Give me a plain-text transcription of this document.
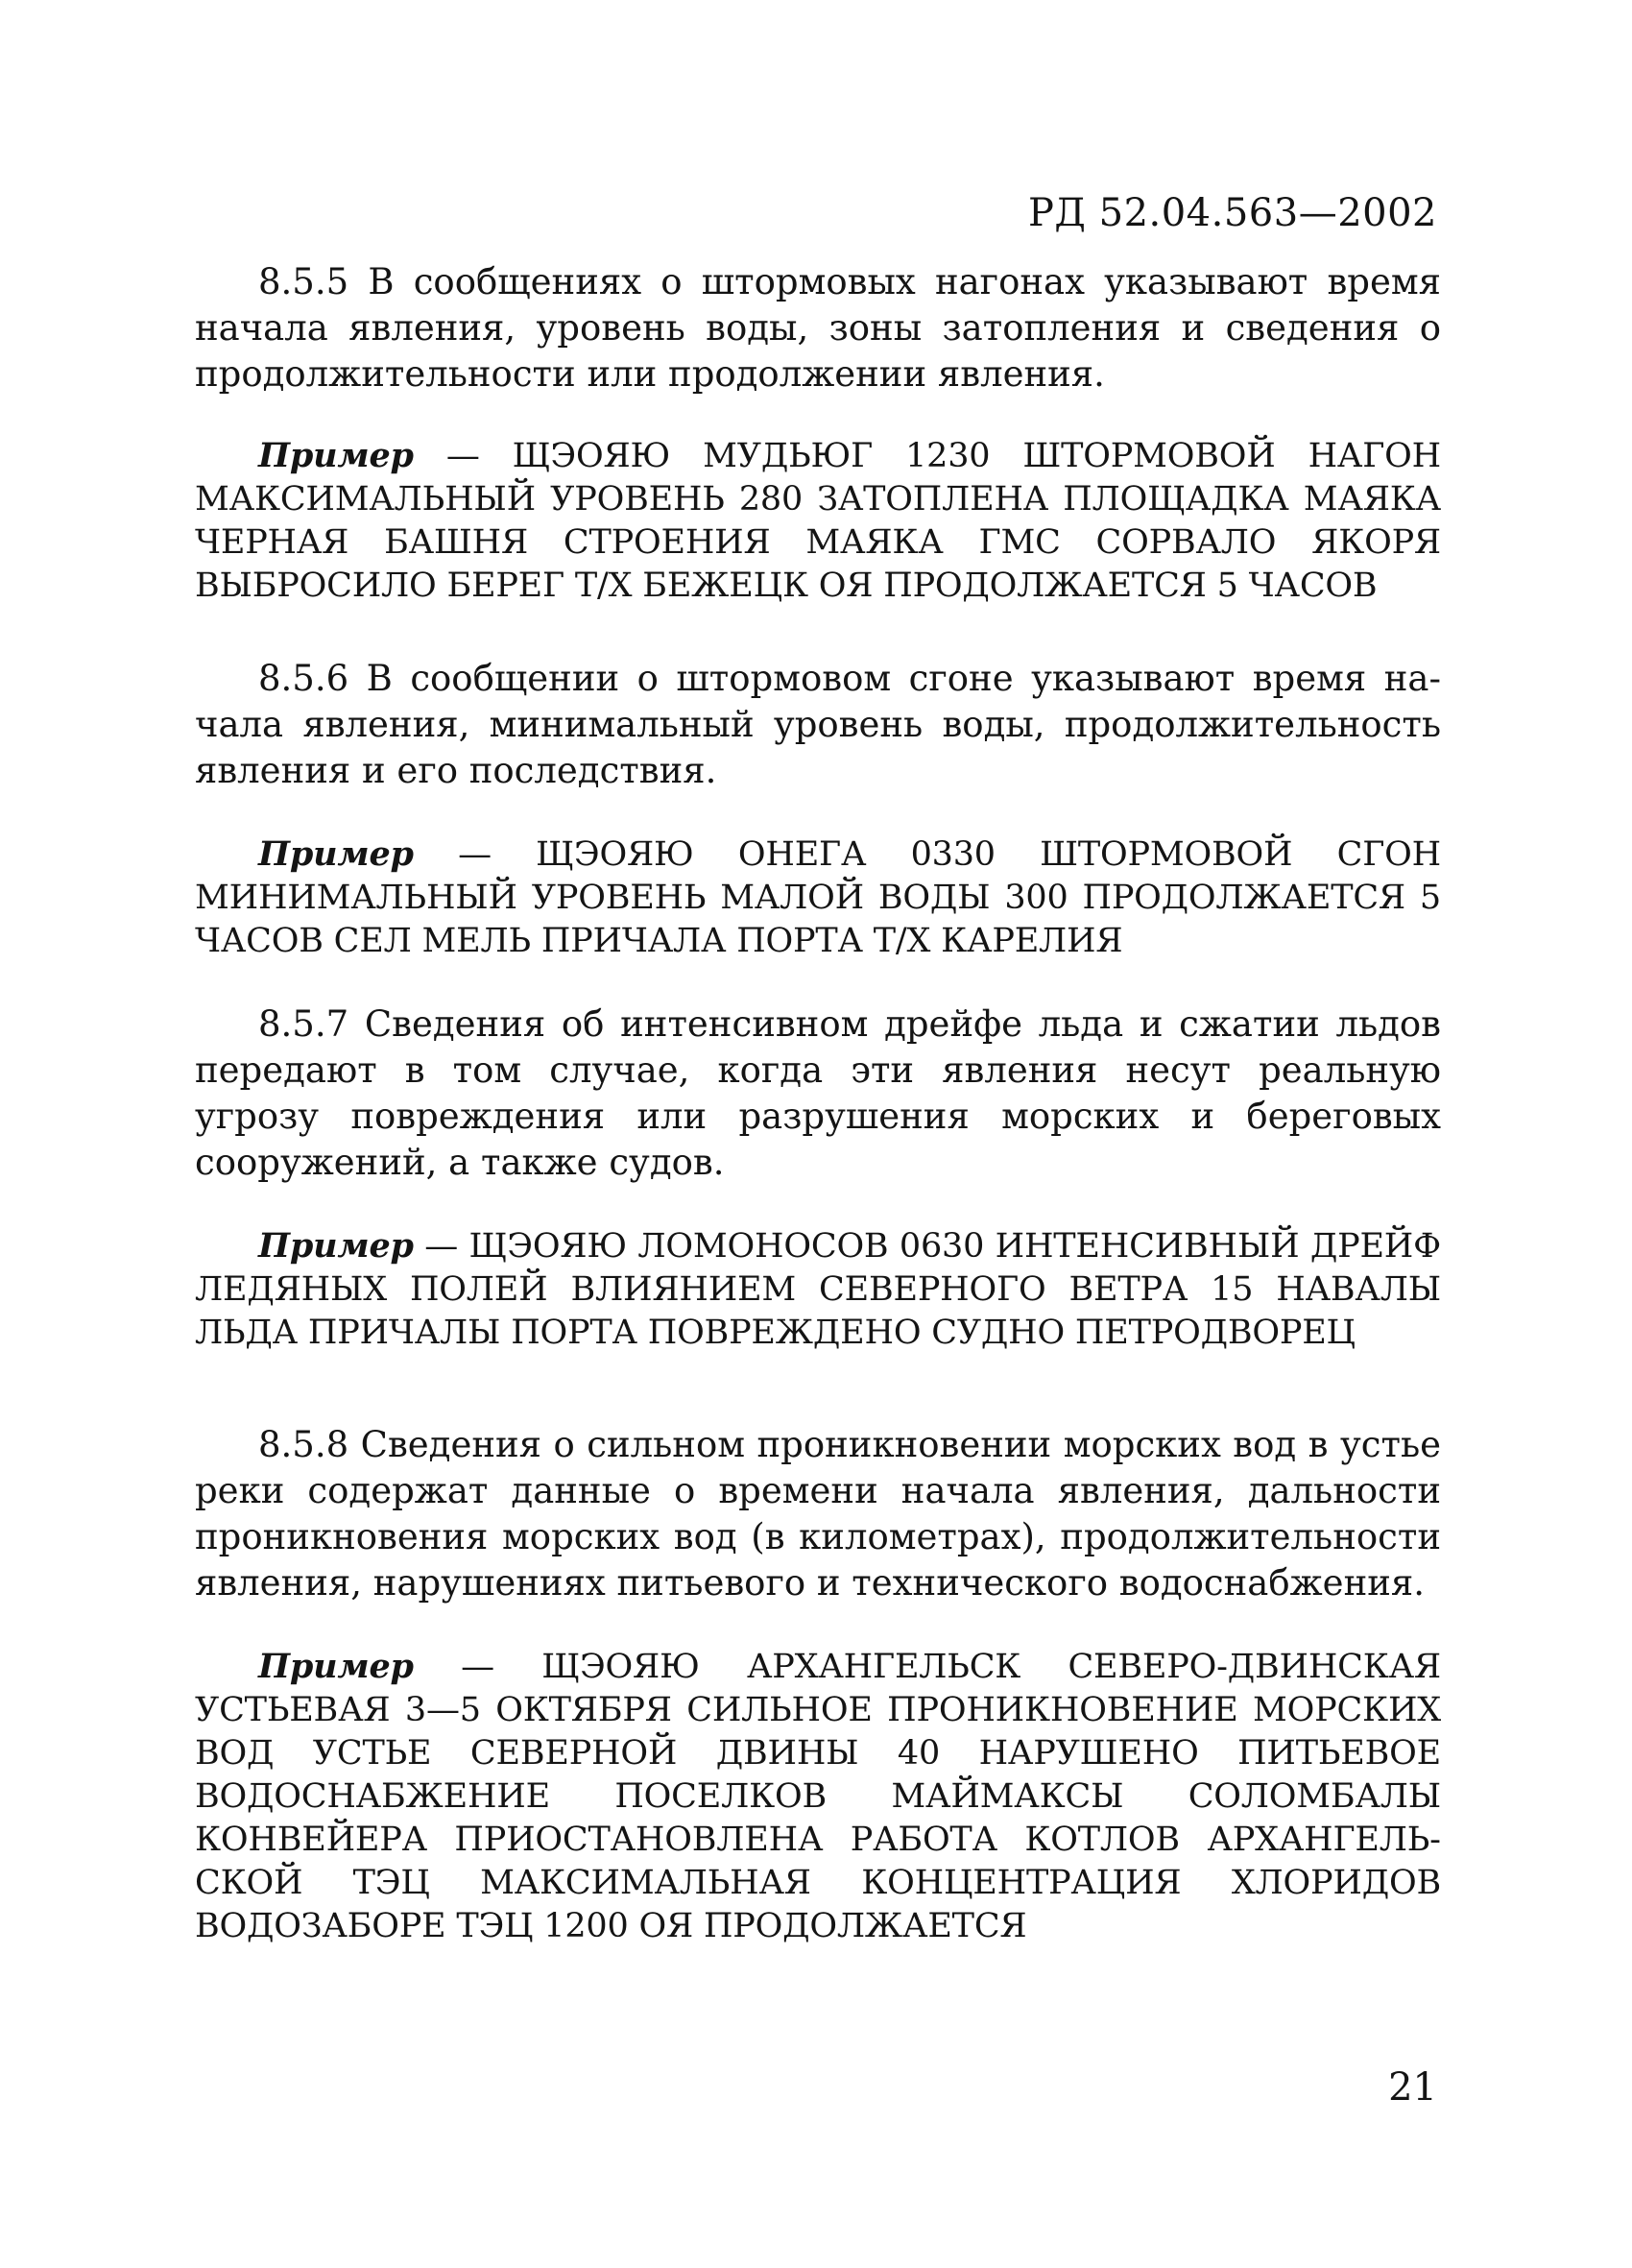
РД 52.04.563—2002

8.5.5 В сообщениях о штормовых нагонах указывают время начала явления, уровень воды, зоны затопления и сведения о продолжительности или продолжении явления.

Пример — ЩЭОЯЮ МУДЬЮГ 1230 ШТОРМОВОЙ НАГОН МАКСИМАЛЬНЫЙ УРОВЕНЬ 280 ЗАТОПЛЕНА ПЛОЩАДКА МАЯКА ЧЕРНАЯ БАШНЯ СТРОЕНИЯ МАЯКА ГМС СОРВАЛО ЯКОРЯ ВЫБРОСИЛО БЕРЕГ Т/Х БЕЖЕЦК ОЯ ПРОДОЛЖАЕТСЯ 5 ЧАСОВ

8.5.6 В сообщении о штормовом сгоне указывают время начала явления, минимальный уровень воды, продолжительность явления и его последствия.

Пример — ЩЭОЯЮ ОНЕГА 0330 ШТОРМОВОЙ СГОН МИНИМАЛЬНЫЙ УРОВЕНЬ МАЛОЙ ВОДЫ 300 ПРОДОЛЖАЕТСЯ 5 ЧАСОВ СЕЛ МЕЛЬ ПРИЧАЛА ПОРТА Т/Х КАРЕЛИЯ

8.5.7 Сведения об интенсивном дрейфе льда и сжатии льдов передают в том случае, когда эти явления несут реальную угрозу повреждения или разрушения морских и береговых сооружений, а также судов.

Пример — ЩЭОЯЮ ЛОМОНОСОВ 0630 ИНТЕНСИВНЫЙ ДРЕЙФ ЛЕДЯНЫХ ПОЛЕЙ ВЛИЯНИЕМ СЕВЕРНОГО ВЕТРА 15 НАВАЛЫ ЛЬДА ПРИЧАЛЫ ПОРТА ПОВРЕЖДЕНО СУДНО ПЕТРОДВОРЕЦ

8.5.8 Сведения о сильном проникновении морских вод в устье реки содержат данные о времени начала явления, дальности проникновения морских вод (в километрах), продолжительности явления, нарушениях питьевого и технического водоснабжения.

Пример — ЩЭОЯЮ АРХАНГЕЛЬСК СЕВЕРО-ДВИНСКАЯ УСТЬЕВАЯ 3—5 ОКТЯБРЯ СИЛЬНОЕ ПРОНИКНОВЕНИЕ МОРСКИХ ВОД УСТЬЕ СЕВЕРНОЙ ДВИНЫ 40 НАРУШЕНО ПИТЬЕВОЕ ВОДОСНАБЖЕНИЕ ПОСЕЛКОВ МАЙМАКСЫ СОЛОМБАЛЫ КОНВЕЙЕРА ПРИОСТАНОВЛЕНА РАБОТА КОТЛОВ АРХАНГЕЛЬСКОЙ ТЭЦ МАКСИМАЛЬНАЯ КОНЦЕНТРАЦИЯ ХЛОРИДОВ ВОДОЗАБОРЕ ТЭЦ 1200 ОЯ ПРОДОЛЖАЕТСЯ

21
